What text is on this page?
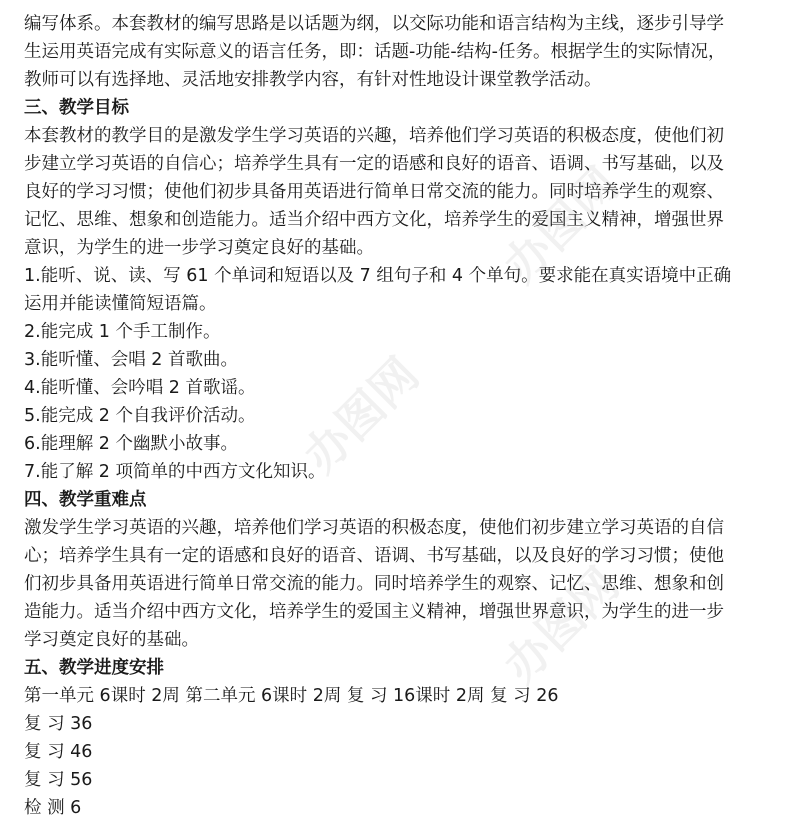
编写体系。本套教材的编写思路是以话题为纲，以交际功能和语言结构为主线，逐步引导学
生运用英语完成有实际意义的语言任务，即：话题-功能-结构-任务。根据学生的实际情况，
教师可以有选择地、灵活地安排教学内容，有针对性地设计课堂教学活动。
三、教学目标
本套教材的教学目的是激发学生学习英语的兴趣，培养他们学习英语的积极态度，使他们初
步建立学习英语的自信心；培养学生具有一定的语感和良好的语音、语调、书写基础，以及
良好的学习习惯；使他们初步具备用英语进行简单日常交流的能力。同时培养学生的观察、
记忆、思维、想象和创造能力。适当介绍中西方文化，培养学生的爱国主义精神，增强世界
意识，为学生的进一步学习奠定良好的基础。
1.能听、说、读、写 61 个单词和短语以及 7 组句子和 4 个单句。要求能在真实语境中正确
运用并能读懂简短语篇。
2.能完成 1 个手工制作。
3.能听懂、会唱 2 首歌曲。
4.能听懂、会吟唱 2 首歌谣。
5.能完成 2 个自我评价活动。
6.能理解 2 个幽默小故事。
7.能了解 2 项简单的中西方文化知识。
四、教学重难点
激发学生学习英语的兴趣，培养他们学习英语的积极态度，使他们初步建立学习英语的自信
心；培养学生具有一定的语感和良好的语音、语调、书写基础，以及良好的学习习惯；使他
们初步具备用英语进行简单日常交流的能力。同时培养学生的观察、记忆、思维、想象和创
造能力。适当介绍中西方文化，培养学生的爱国主义精神，增强世界意识，为学生的进一步
学习奠定良好的基础。
五、教学进度安排
第一单元 6课时 2周 第二单元 6课时 2周 复 习 16课时 2周 复 习 26
复 习 36
复 习 46
复 习 56
检 测 6
办图网
办图网
办图网
